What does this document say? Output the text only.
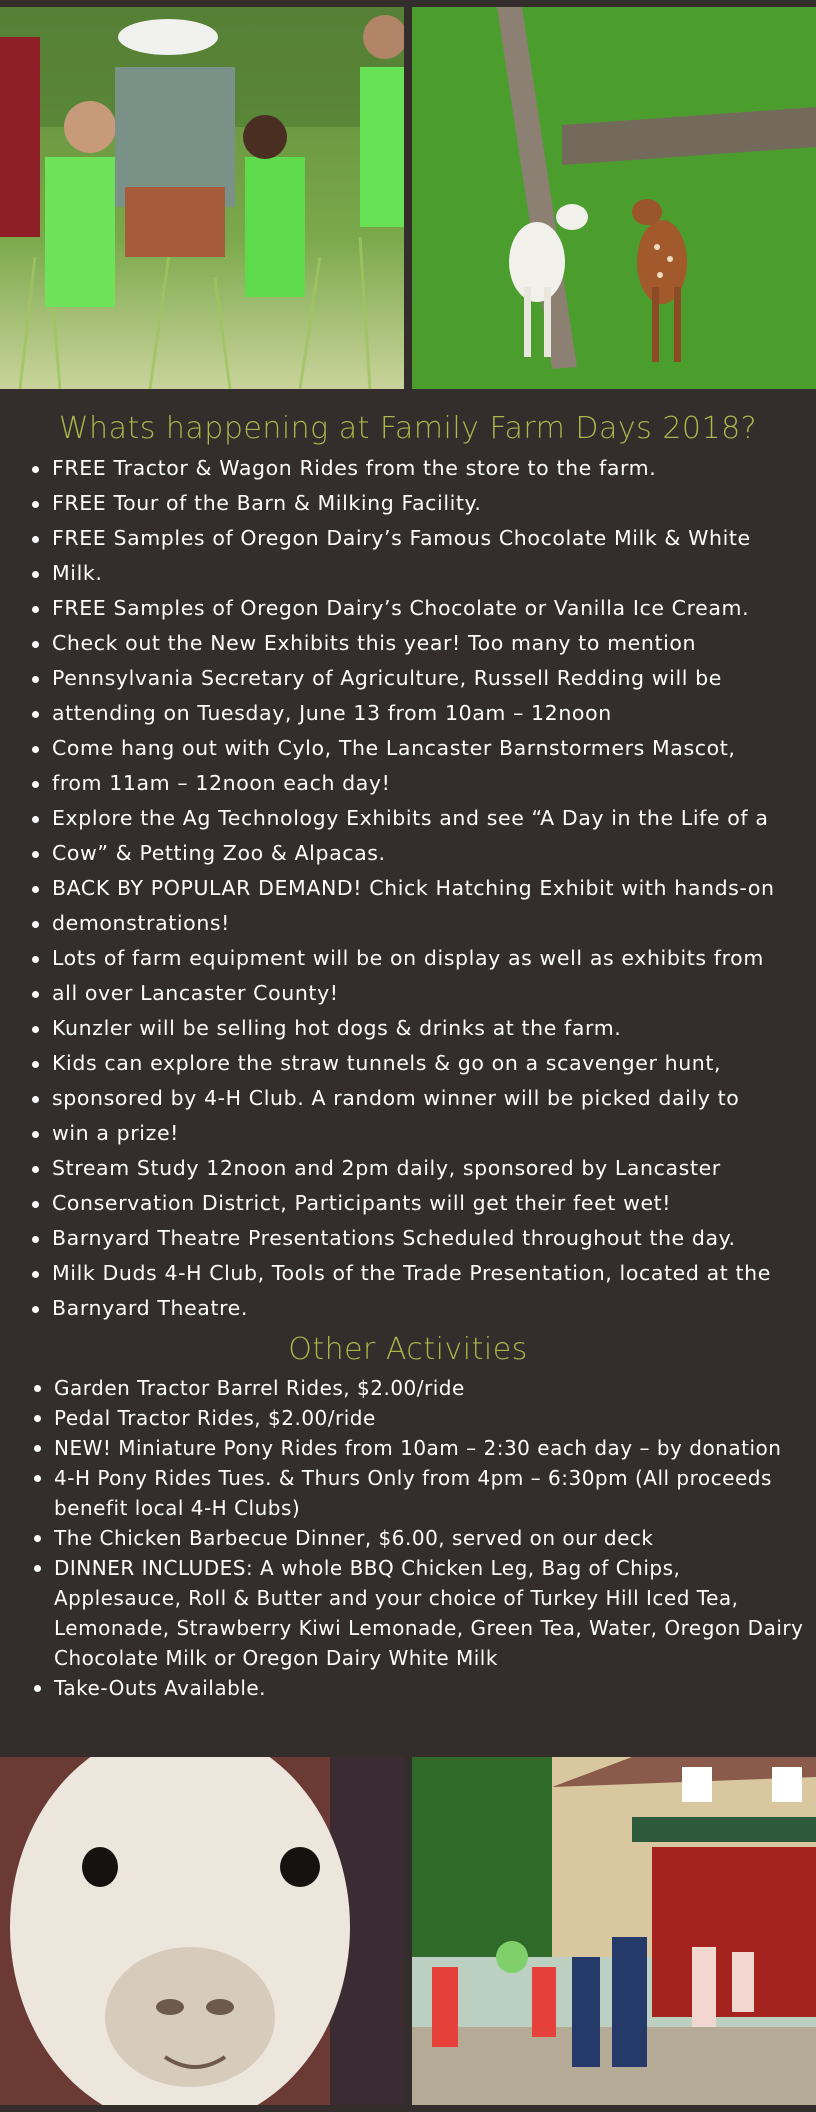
Whats happening at Family Farm Days 2018?
FREE Tractor & Wagon Rides from the store to the farm.
FREE Tour of the Barn & Milking Facility.
FREE Samples of Oregon Dairy’s Famous Chocolate Milk & White
Milk.
FREE Samples of Oregon Dairy’s Chocolate or Vanilla Ice Cream.
Check out the New Exhibits this year! Too many to mention
Pennsylvania Secretary of Agriculture, Russell Redding will be
attending on Tuesday, June 13 from 10am – 12noon
Come hang out with Cylo, The Lancaster Barnstormers Mascot,
from 11am – 12noon each day!
Explore the Ag Technology Exhibits and see “A Day in the Life of a
Cow” & Petting Zoo & Alpacas.
BACK BY POPULAR DEMAND! Chick Hatching Exhibit with hands-on
demonstrations!
Lots of farm equipment will be on display as well as exhibits from
all over Lancaster County!
Kunzler will be selling hot dogs & drinks at the farm.
Kids can explore the straw tunnels & go on a scavenger hunt,
sponsored by 4-H Club. A random winner will be picked daily to
win a prize!
Stream Study 12noon and 2pm daily, sponsored by Lancaster
Conservation District, Participants will get their feet wet!
Barnyard Theatre Presentations Scheduled throughout the day.
Milk Duds 4-H Club, Tools of the Trade Presentation, located at the
Barnyard Theatre.
Other Activities
Garden Tractor Barrel Rides, $2.00/ride
Pedal Tractor Rides, $2.00/ride
NEW! Miniature Pony Rides from 10am – 2:30 each day – by donation
4-H Pony Rides Tues. & Thurs Only from 4pm – 6:30pm (All proceeds benefit local 4-H Clubs)
The Chicken Barbecue Dinner, $6.00, served on our deck
DINNER INCLUDES: A whole BBQ Chicken Leg, Bag of Chips, Applesauce, Roll & Butter and your choice of Turkey Hill Iced Tea, Lemonade, Strawberry Kiwi Lemonade, Green Tea, Water, Oregon Dairy Chocolate Milk or Oregon Dairy White Milk
Take-Outs Available.
